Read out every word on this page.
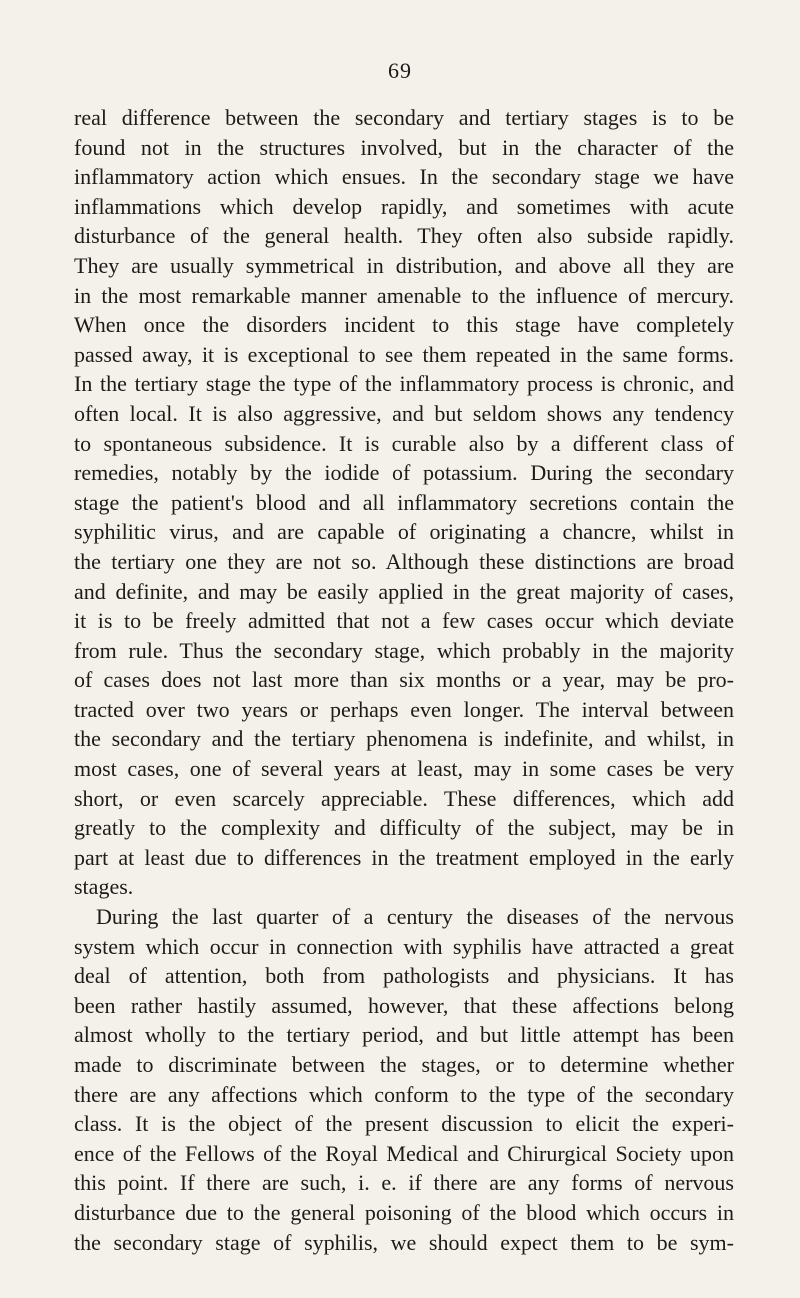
69
real difference between the secondary and tertiary stages is to be
found not in the structures involved, but in the character of the
inflammatory action which ensues. In the secondary stage we have
inflammations which develop rapidly, and sometimes with acute
disturbance of the general health. They often also subside rapidly.
They are usually symmetrical in distribution, and above all they are
in the most remarkable manner amenable to the influence of mercury.
When once the disorders incident to this stage have completely
passed away, it is exceptional to see them repeated in the same forms.
In the tertiary stage the type of the inflammatory process is chronic, and
often local. It is also aggressive, and but seldom shows any tendency
to spontaneous subsidence. It is curable also by a different class of
remedies, notably by the iodide of potassium. During the secondary
stage the patient's blood and all inflammatory secretions contain the
syphilitic virus, and are capable of originating a chancre, whilst in
the tertiary one they are not so. Although these distinctions are broad
and definite, and may be easily applied in the great majority of cases,
it is to be freely admitted that not a few cases occur which deviate
from rule. Thus the secondary stage, which probably in the majority
of cases does not last more than six months or a year, may be pro-
tracted over two years or perhaps even longer. The interval between
the secondary and the tertiary phenomena is indefinite, and whilst, in
most cases, one of several years at least, may in some cases be very
short, or even scarcely appreciable. These differences, which add
greatly to the complexity and difficulty of the subject, may be in
part at least due to differences in the treatment employed in the early
stages.
During the last quarter of a century the diseases of the nervous
system which occur in connection with syphilis have attracted a great
deal of attention, both from pathologists and physicians. It has
been rather hastily assumed, however, that these affections belong
almost wholly to the tertiary period, and but little attempt has been
made to discriminate between the stages, or to determine whether
there are any affections which conform to the type of the secondary
class. It is the object of the present discussion to elicit the experi-
ence of the Fellows of the Royal Medical and Chirurgical Society upon
this point. If there are such, i. e. if there are any forms of nervous
disturbance due to the general poisoning of the blood which occurs in
the secondary stage of syphilis, we should expect them to be sym-
